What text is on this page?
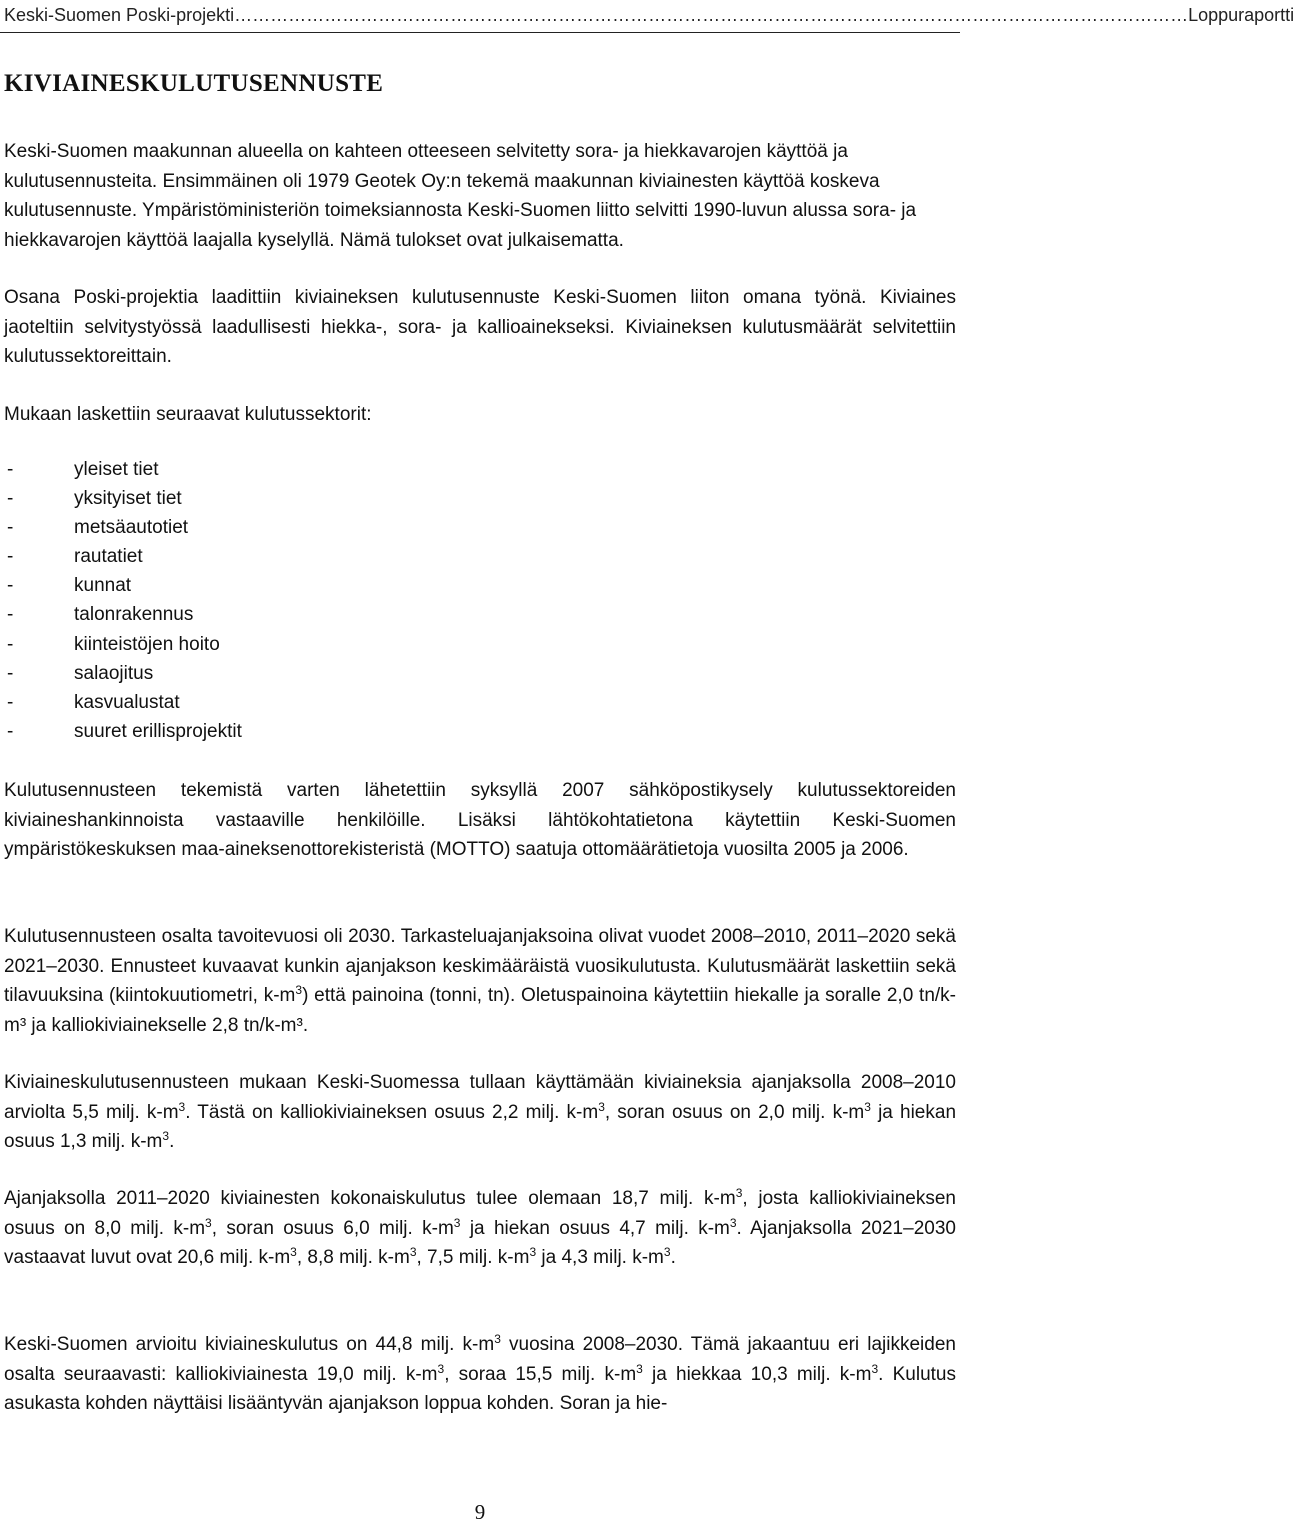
Keski-Suomen Poski-projekti …………………………………………………………………………………………………………………………………………… Loppuraportti
KIVIAINESKULUTUSENNUSTE

Keski-Suomen maakunnan alueella on kahteen otteeseen selvitetty sora- ja hiekkavarojen käyttöä ja kulutusennusteita. Ensimmäinen oli 1979 Geotek Oy:n tekemä maakunnan kiviainesten käyttöä koskeva kulutusennuste. Ympäristöministeriön toimeksiannosta Keski-Suomen liitto selvitti 1990-luvun alussa sora- ja hiekkavarojen käyttöä laajalla kyselyllä. Nämä tulokset ovat julkaisematta.

Osana Poski-projektia laadittiin kiviaineksen kulutusennuste Keski-Suomen liiton omana työnä. Kiviaines jaoteltiin selvitystyössä laadullisesti hiekka-, sora- ja kallioainekseksi. Kiviaineksen kulutusmäärät selvitettiin kulutussektoreittain.

Mukaan laskettiin seuraavat kulutussektorit:

-	yleiset tiet
-	yksityiset tiet
-	metsäautotiet
-	rautatiet
-	kunnat
-	talonrakennus
-	kiinteistöjen hoito
-	salaojitus
-	kasvualustat
-	suuret erillisprojektit

Kulutusennusteen tekemistä varten lähetettiin syksyllä 2007 sähköpostikysely kulutussektoreiden kiviaineshankinnoista vastaaville henkilöille. Lisäksi lähtökohtatietona käytettiin Keski-Suomen ympäristökeskuksen maa-aineksenottorekisteristä (MOTTO) saatuja ottomäärätietoja vuosilta 2005 ja 2006.

Kulutusennusteen osalta tavoitevuosi oli 2030. Tarkasteluajanjaksoina olivat vuodet 2008–2010, 2011–2020 sekä 2021–2030. Ennusteet kuvaavat kunkin ajanjakson keskimääräistä vuosikulutusta. Kulutusmäärät laskettiin sekä tilavuuksina (kiintokuutiometri, $k-m^3$) että painoina (tonni, tn). Oletuspainoina käytettiin hiekalle ja soralle 2,0 tn/k-m³ ja kalliokiviainekselle 2,8 tn/k-m³.

Kiviaineskulutusennusteen mukaan Keski-Suomessa tullaan käyttämään kiviaineksia ajanjaksolla 2008–2010 arviolta 5,5 milj. $k-m^3$. Tästä on kalliokiviaineksen osuus 2,2 milj. $k-m^3$, soran osuus on 2,0 milj. $k-m^3$ ja hiekan osuus 1,3 milj. $k-m^3$.

Ajanjaksolla 2011–2020 kiviainesten kokonaiskulutus tulee olemaan 18,7 milj. $k-m^3$, josta kalliokiviaineksen osuus on 8,0 milj. $k-m^3$, soran osuus 6,0 milj. $k-m^3$ ja hiekan osuus 4,7 milj. $k-m^3$. Ajanjaksolla 2021–2030 vastaavat luvut ovat 20,6 milj. $k-m^3$, 8,8 milj. $k-m^3$, 7,5 milj. $k-m^3$ ja 4,3 milj. $k-m^3$.

Keski-Suomen arvioitu kiviaineskulutus on 44,8 milj. $k-m^3$ vuosina 2008–2030. Tämä jakaantuu eri lajikkeiden osalta seuraavasti: kalliokiviainesta 19,0 milj. $k-m^3$, soraa 15,5 milj. $k-m^3$ ja hiekkaa 10,3 milj. $k-m^3$. Kulutus asukasta kohden näyttäisi lisääntyvän ajanjakson loppua kohden. Soran ja hie-

9
